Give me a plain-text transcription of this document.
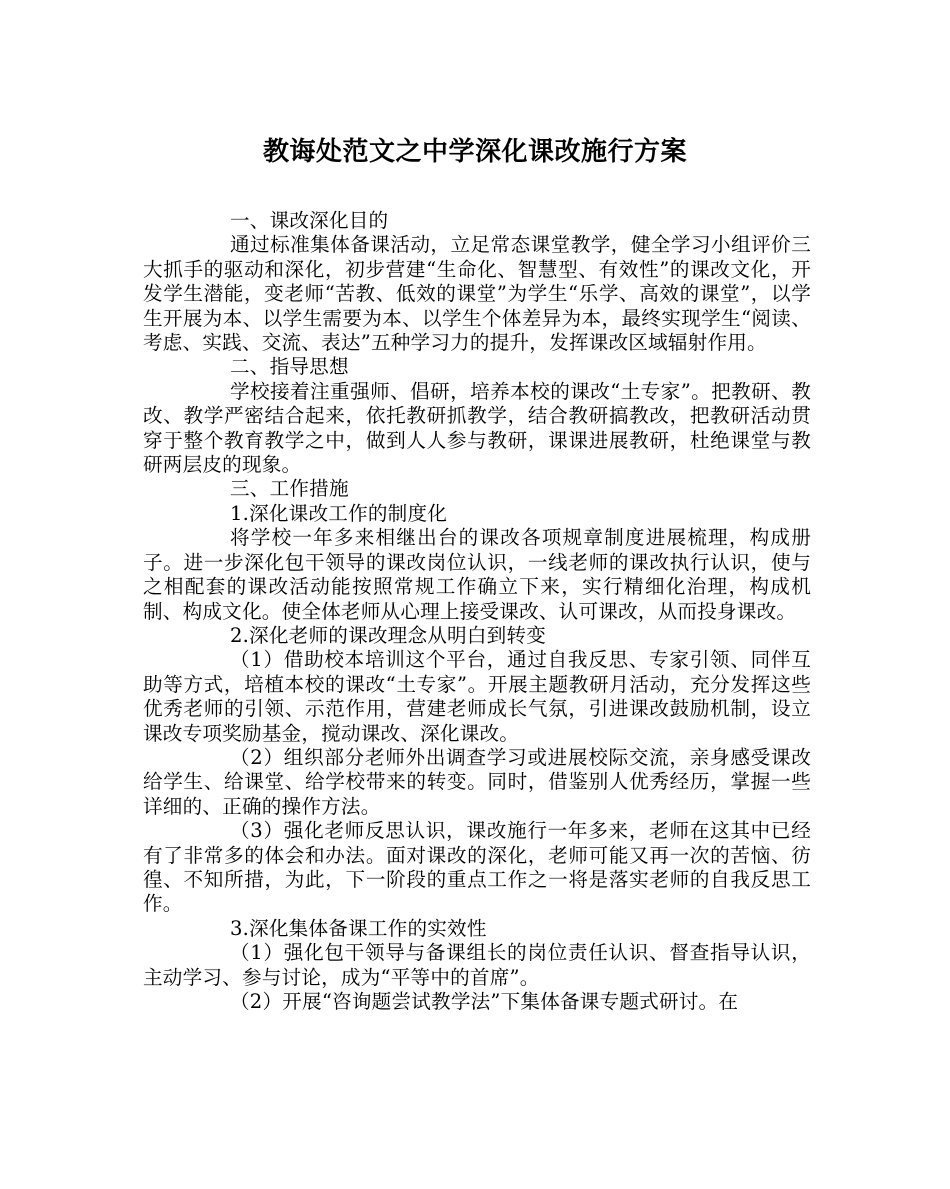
教诲处范文之中学深化课改施行方案

一、课改深化目的

通过标准集体备课活动，立足常态课堂教学，健全学习小组评价三大抓手的驱动和深化，初步营建“生命化、智慧型、有效性”的课改文化，开发学生潜能，变老师“苦教、低效的课堂”为学生“乐学、高效的课堂”，以学生开展为本、以学生需要为本、以学生个体差异为本，最终实现学生“阅读、考虑、实践、交流、表达”五种学习力的提升，发挥课改区域辐射作用。

二、指导思想

学校接着注重强师、倡研，培养本校的课改“土专家”。把教研、教改、教学严密结合起来，依托教研抓教学，结合教研搞教改，把教研活动贯穿于整个教育教学之中，做到人人参与教研，课课进展教研，杜绝课堂与教研两层皮的现象。

三、工作措施

1.深化课改工作的制度化

将学校一年多来相继出台的课改各项规章制度进展梳理，构成册子。进一步深化包干领导的课改岗位认识，一线老师的课改执行认识，使与之相配套的课改活动能按照常规工作确立下来，实行精细化治理，构成机制、构成文化。使全体老师从心理上接受课改、认可课改，从而投身课改。

2.深化老师的课改理念从明白到转变

（1）借助校本培训这个平台，通过自我反思、专家引领、同伴互助等方式，培植本校的课改“土专家”。开展主题教研月活动，充分发挥这些优秀老师的引领、示范作用，营建老师成长气氛，引进课改鼓励机制，设立课改专项奖励基金，搅动课改、深化课改。

（2）组织部分老师外出调查学习或进展校际交流，亲身感受课改给学生、给课堂、给学校带来的转变。同时，借鉴别人优秀经历，掌握一些详细的、正确的操作方法。

（3）强化老师反思认识，课改施行一年多来，老师在这其中已经有了非常多的体会和办法。面对课改的深化，老师可能又再一次的苦恼、彷徨、不知所措，为此，下一阶段的重点工作之一将是落实老师的自我反思工作。

3.深化集体备课工作的实效性

（1）强化包干领导与备课组长的岗位责任认识、督查指导认识，主动学习、参与讨论，成为“平等中的首席”。

（2）开展“咨询题尝试教学法”下集体备课专题式研讨。在
